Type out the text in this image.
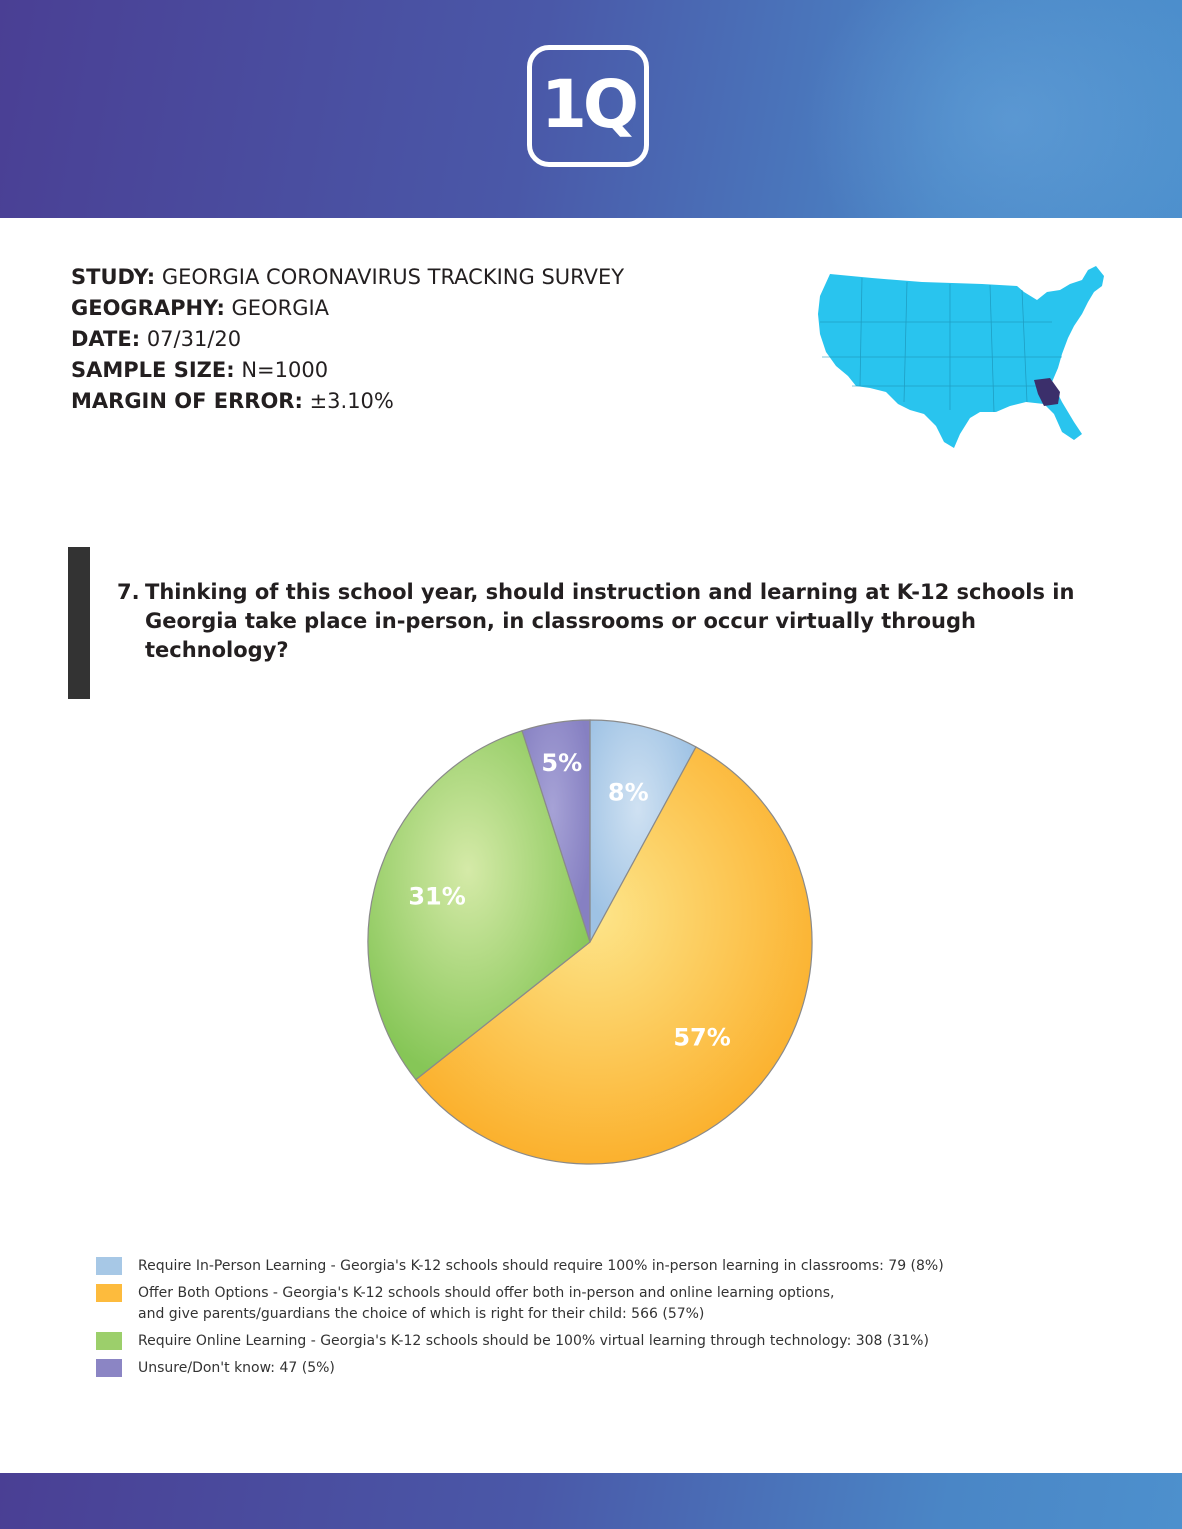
1Q
STUDY: GEORGIA CORONAVIRUS TRACKING SURVEY
GEOGRAPHY: GEORGIA
DATE: 07/31/20
SAMPLE SIZE: N=1000
MARGIN OF ERROR: ±3.10%
7. Thinking of this school year, should instruction and learning at K-12 schools in Georgia take place in-person, in classrooms or occur virtually through technology?
8%
57%
31%
5%
Require In-Person Learning - Georgia's K-12 schools should require 100% in-person learning in classrooms: 79 (8%)
Offer Both Options - Georgia's K-12 schools should offer both in-person and online learning options,
and give parents/guardians the choice of which is right for their child: 566 (57%)
Require Online Learning - Georgia's K-12 schools should be 100% virtual learning through technology: 308 (31%)
Unsure/Don't know: 47 (5%)
